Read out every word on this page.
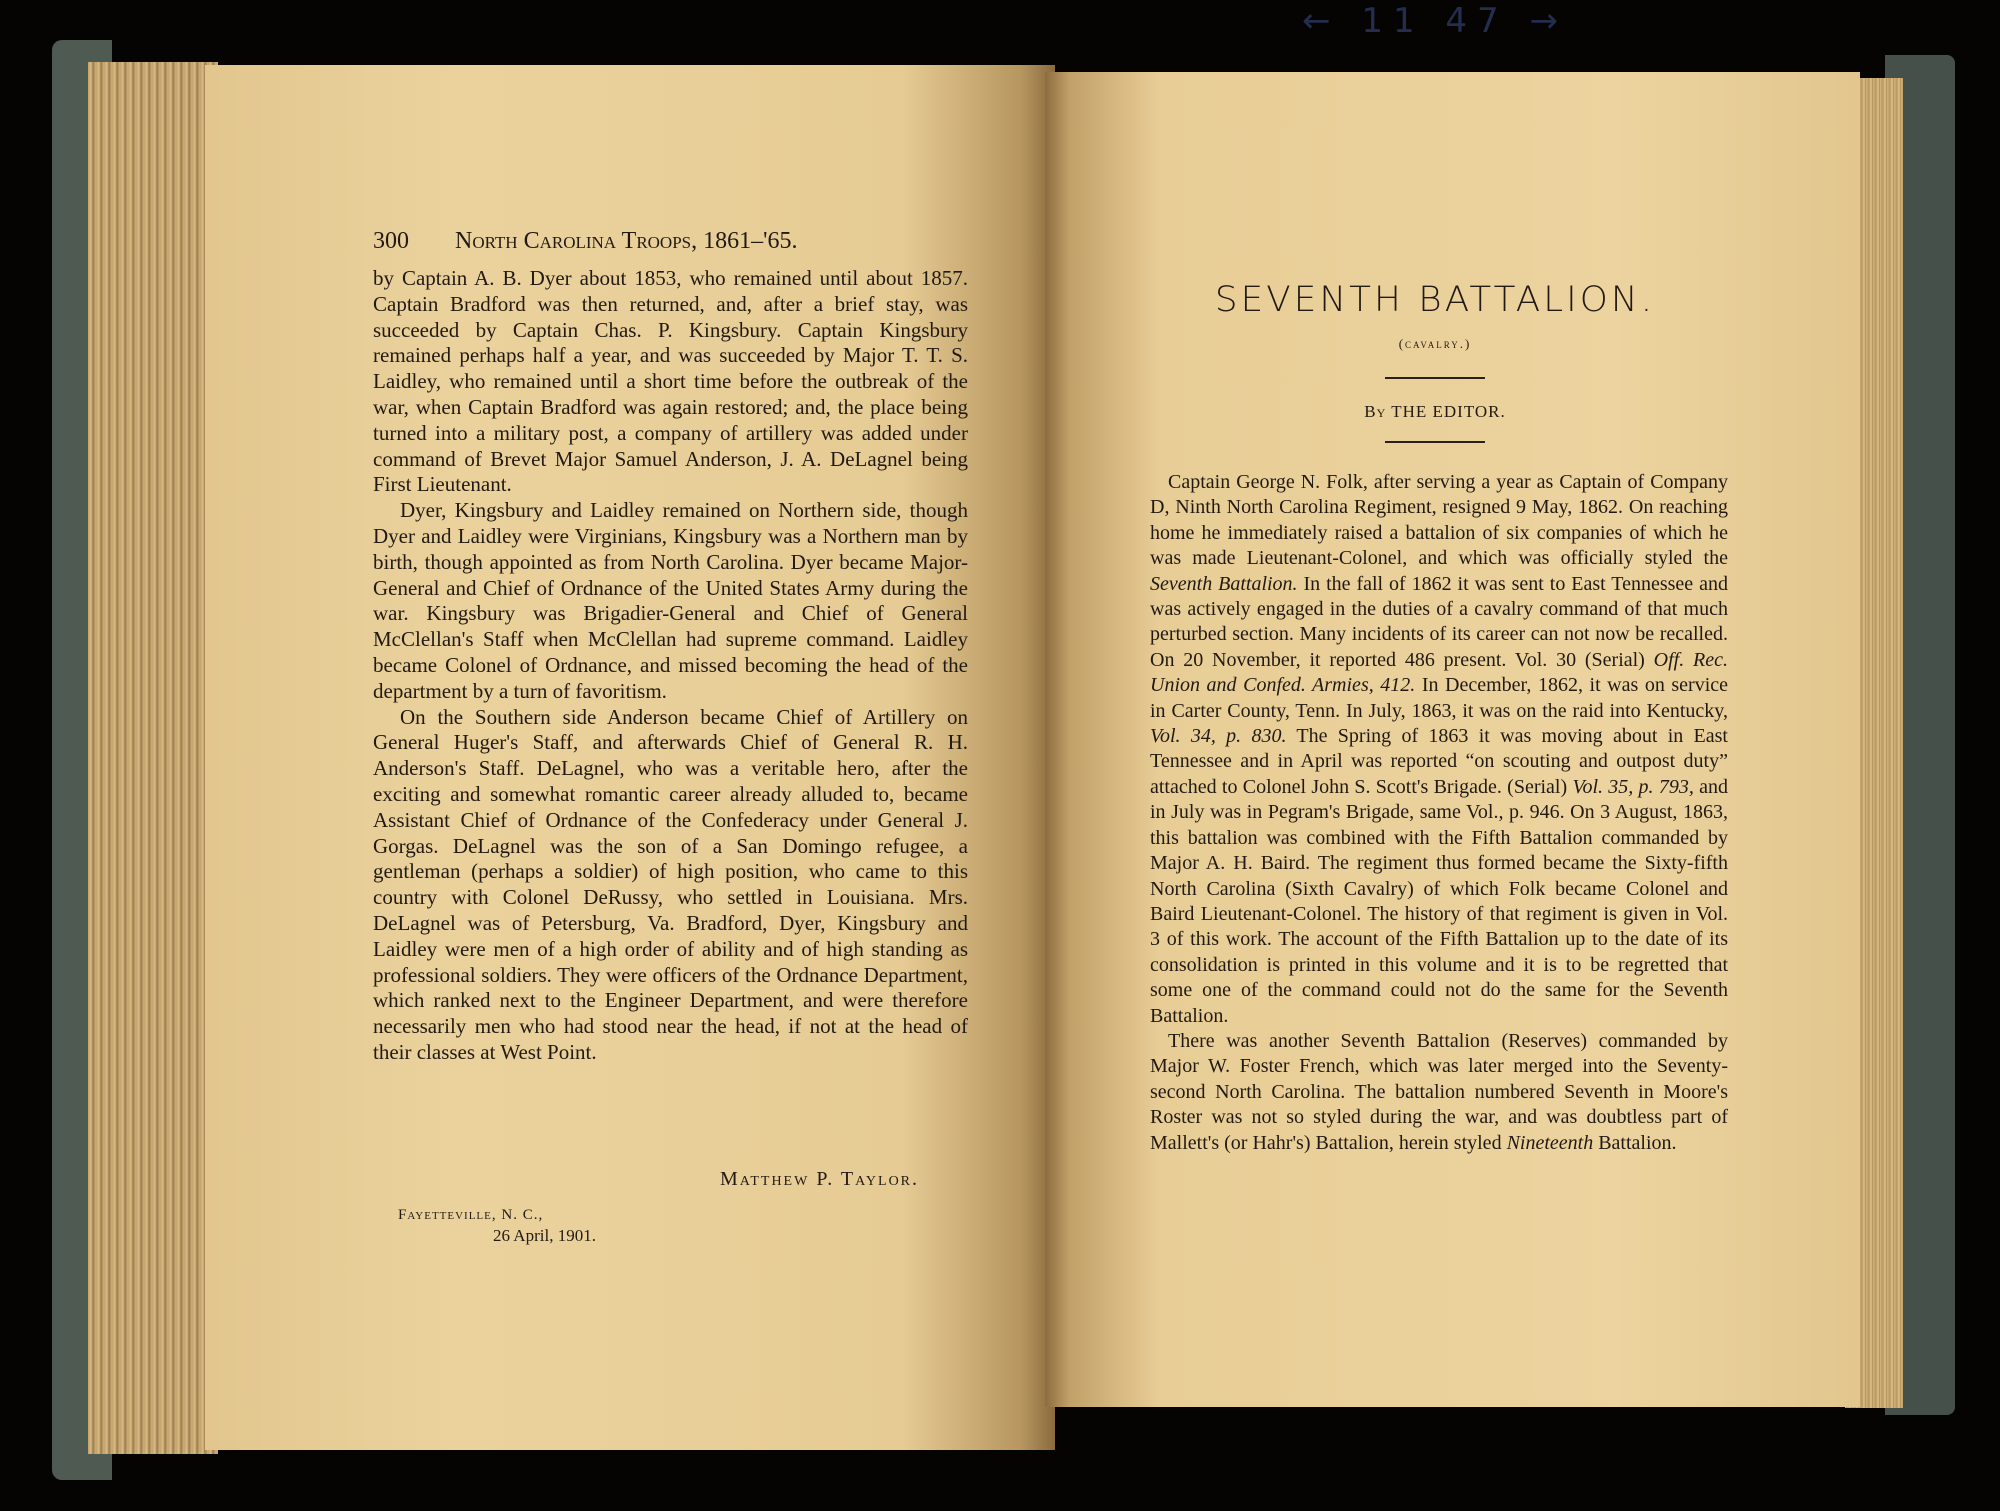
← 11 47 →
300 North Carolina Troops, 1861–'65.

by Captain A. B. Dyer about 1853, who remained until about 1857. Captain Bradford was then returned, and, after a brief stay, was succeeded by Captain Chas. P. Kingsbury. Captain Kingsbury remained perhaps half a year, and was succeeded by Major T. T. S. Laidley, who remained until a short time before the outbreak of the war, when Captain Bradford was again restored; and, the place being turned into a military post, a company of artillery was added under command of Brevet Major Samuel Anderson, J. A. DeLagnel being First Lieutenant.

Dyer, Kingsbury and Laidley remained on Northern side, though Dyer and Laidley were Virginians, Kingsbury was a Northern man by birth, though appointed as from North Carolina. Dyer became Major-General and Chief of Ordnance of the United States Army during the war. Kingsbury was Brigadier-General and Chief of General McClellan's Staff when McClellan had supreme command. Laidley became Colonel of Ordnance, and missed becoming the head of the department by a turn of favoritism.

On the Southern side Anderson became Chief of Artillery on General Huger's Staff, and afterwards Chief of General R. H. Anderson's Staff. DeLagnel, who was a veritable hero, after the exciting and somewhat romantic career already alluded to, became Assistant Chief of Ordnance of the Confederacy under General J. Gorgas. DeLagnel was the son of a San Domingo refugee, a gentleman (perhaps a soldier) of high position, who came to this country with Colonel DeRussy, who settled in Louisiana. Mrs. DeLagnel was of Petersburg, Va. Bradford, Dyer, Kingsbury and Laidley were men of a high order of ability and of high standing as professional soldiers. They were officers of the Ordnance Department, which ranked next to the Engineer Department, and were therefore necessarily men who had stood near the head, if not at the head of their classes at West Point.

Matthew P. Taylor.
Fayetteville, N. C.,
26 April, 1901.
SEVENTH BATTALION.
(cavalry.)
By THE EDITOR.

Captain George N. Folk, after serving a year as Captain of Company D, Ninth North Carolina Regiment, resigned 9 May, 1862. On reaching home he immediately raised a battalion of six companies of which he was made Lieutenant-Colonel, and which was officially styled the Seventh Battalion. In the fall of 1862 it was sent to East Tennessee and was actively engaged in the duties of a cavalry command of that much perturbed section. Many incidents of its career can not now be recalled. On 20 November, it reported 486 present. Vol. 30 (Serial) Off. Rec. Union and Confed. Armies, 412. In December, 1862, it was on service in Carter County, Tenn. In July, 1863, it was on the raid into Kentucky, Vol. 34, p. 830. The Spring of 1863 it was moving about in East Tennessee and in April was reported “on scouting and outpost duty” attached to Colonel John S. Scott's Brigade. (Serial) Vol. 35, p. 793, and in July was in Pegram's Brigade, same Vol., p. 946. On 3 August, 1863, this battalion was combined with the Fifth Battalion commanded by Major A. H. Baird. The regiment thus formed became the Sixty-fifth North Carolina (Sixth Cavalry) of which Folk became Colonel and Baird Lieutenant-Colonel. The history of that regiment is given in Vol. 3 of this work. The account of the Fifth Battalion up to the date of its consolidation is printed in this volume and it is to be regretted that some one of the command could not do the same for the Seventh Battalion.

There was another Seventh Battalion (Reserves) commanded by Major W. Foster French, which was later merged into the Seventy-second North Carolina. The battalion numbered Seventh in Moore's Roster was not so styled during the war, and was doubtless part of Mallett's (or Hahr's) Battalion, herein styled Nineteenth Battalion.
